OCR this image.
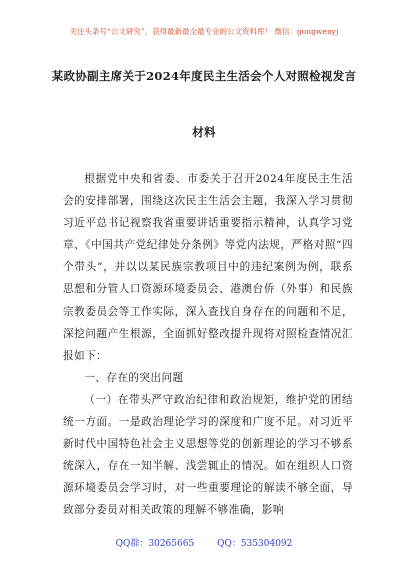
关注头条号“公文研究”，获得最新最全最专业的公文资料库！ 微信：gongwenyj
某政协副主席关于2024年度民主生活会个人对照检视发言
材料

根据党中央和省委、市委关于召开2024年度民主生活会的安排部署，围绕这次民主生活会主题，我深入学习贯彻习近平总书记视察我省重要讲话重要指示精神，认真学习党章、《中国共产党纪律处分条例》等党内法规，严格对照“四个带头”，并以以某民族宗教项目中的违纪案例为例，联系思想和分管人口资源环境委员会、港澳台侨（外事）和民族宗教委员会等工作实际，深入查找自身存在的问题和不足，深挖问题产生根源，全面抓好整改提升现将对照检查情况汇报如下：

一、存在的突出问题

（一）在带头严守政治纪律和政治规矩，维护党的团结统一方面。一是政治理论学习的深度和广度不足。对习近平新时代中国特色社会主义思想等党的创新理论的学习不够系统深入，存在一知半解、浅尝辄止的情况。如在组织人口资源环境委员会学习时，对一些重要理论的解读不够全面，导致部分委员对相关政策的理解不够准确，影响

QQ群：30265665	QQ：535304092
